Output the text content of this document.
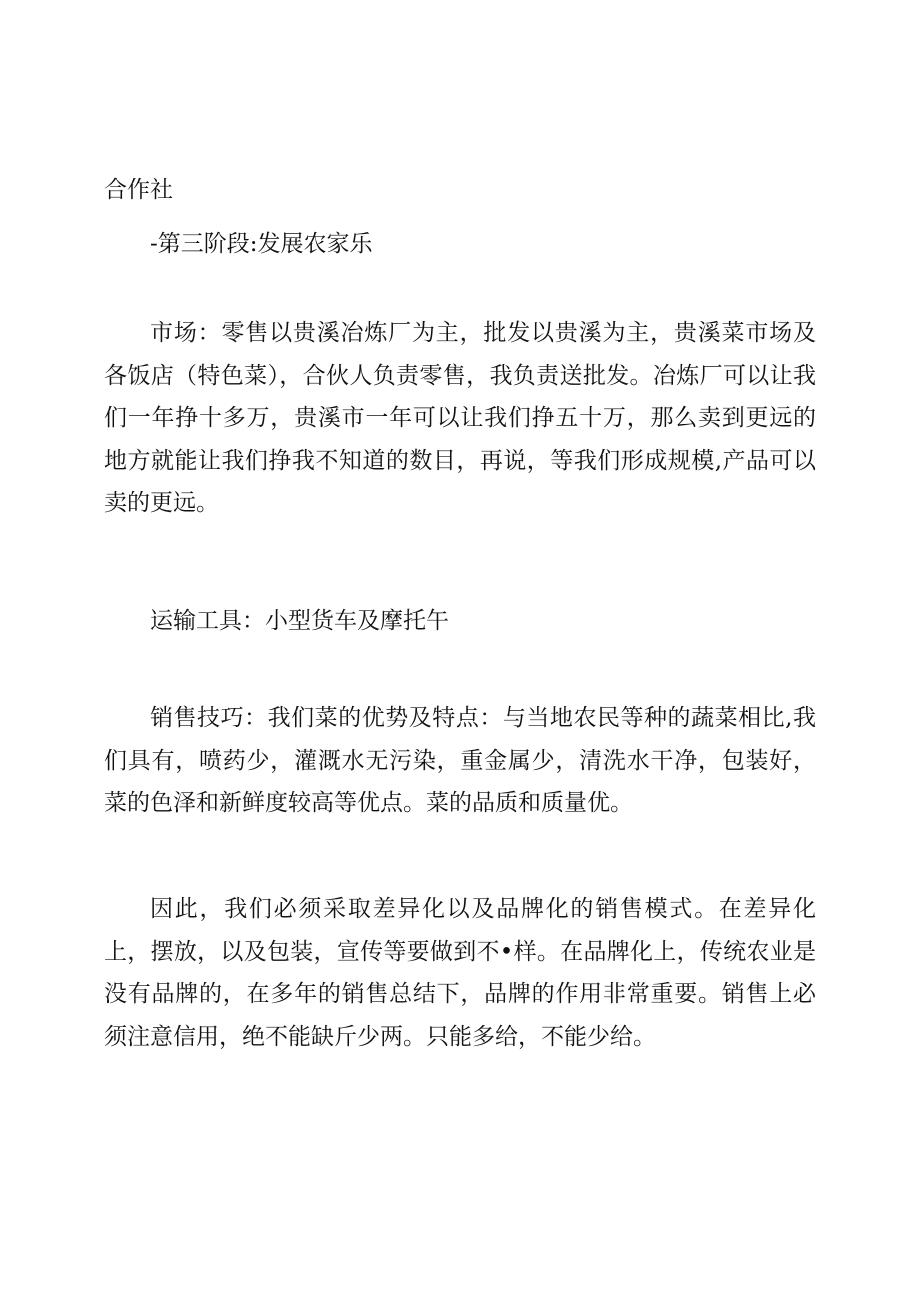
合作社

-第三阶段:发展农家乐

市场：零售以贵溪冶炼厂为主，批发以贵溪为主，贵溪菜市场及各饭店（特色菜），合伙人负责零售，我负责送批发。冶炼厂可以让我们一年挣十多万，贵溪市一年可以让我们挣五十万，那么卖到更远的地方就能让我们挣我不知道的数目，再说，等我们形成规模,产品可以卖的更远。

运输工具：小型货车及摩托午

销售技巧：我们菜的优势及特点：与当地农民等种的蔬菜相比,我们具有，喷药少，灌溉水无污染，重金属少，清洗水干净，包装好，菜的色泽和新鲜度较高等优点。菜的品质和质量优。

因此，我们必须采取差异化以及品牌化的销售模式。在差异化上，摆放，以及包装，宣传等要做到不•样。在品牌化上，传统农业是没有品牌的，在多年的销售总结下，品牌的作用非常重要。销售上必须注意信用，绝不能缺斤少两。只能多给，不能少给。
